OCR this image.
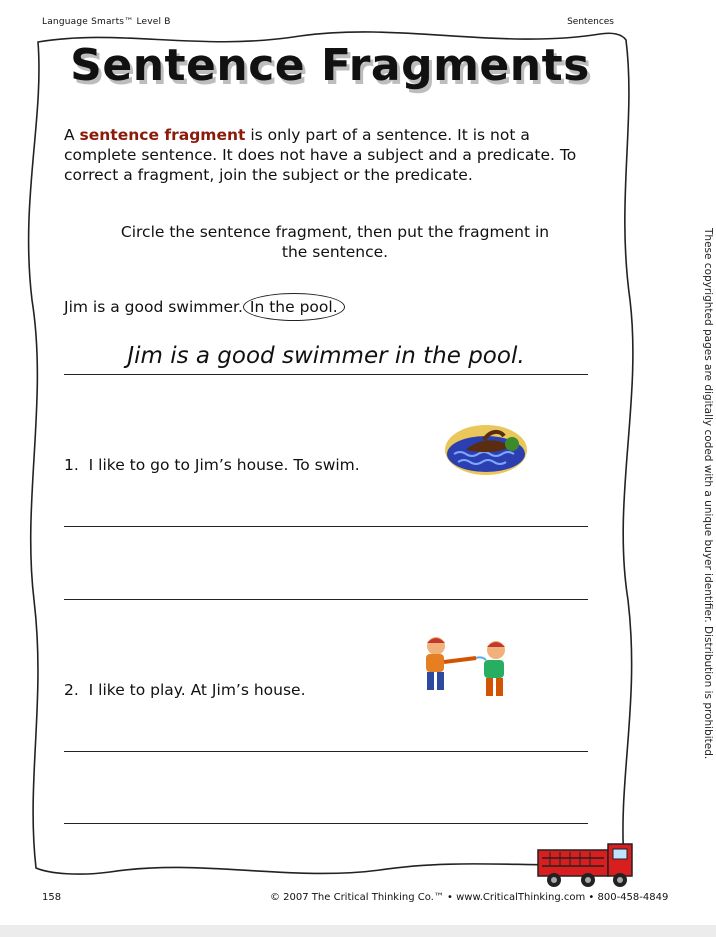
Language Smarts™ Level B	Sentences
Sentence Fragments
A sentence fragment is only part of a sentence. It is not a complete sentence. It does not have a subject and a predicate. To correct a fragment, join the subject or the predicate.
Circle the sentence fragment, then put the fragment in the sentence.
Jim is a good swimmer. In the pool.
Jim is a good swimmer in the pool.
1. I like to go to Jim’s house. To swim.
2. I like to play. At Jim’s house.
158	© 2007 The Critical Thinking Co.™ • www.CriticalThinking.com • 800-458-4849
These copyrighted pages are digitally coded with a unique buyer identifier. Distribution is prohibited.
